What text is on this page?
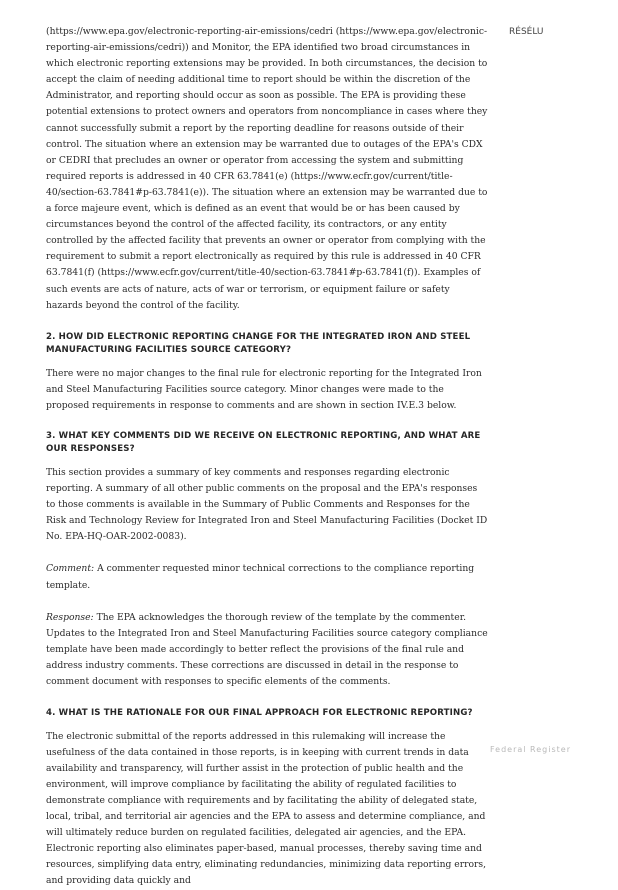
RÉSÉLU

(https://www.epa.gov/electronic-reporting-air-emissions/cedri (https://www.epa.gov/electronic-reporting-air-emissions/cedri)) and Monitor, the EPA identified two broad circumstances in which electronic reporting extensions may be provided. In both circumstances, the decision to accept the claim of needing additional time to report should be within the discretion of the Administrator, and reporting should occur as soon as possible. The EPA is providing these potential extensions to protect owners and operators from noncompliance in cases where they cannot successfully submit a report by the reporting deadline for reasons outside of their control. The situation where an extension may be warranted due to outages of the EPA's CDX or CEDRI that precludes an owner or operator from accessing the system and submitting required reports is addressed in 40 CFR 63.7841(e) (https://www.ecfr.gov/current/title-40/section-63.7841#p-63.7841(e)). The situation where an extension may be warranted due to a force majeure event, which is defined as an event that would be or has been caused by circumstances beyond the control of the affected facility, its contractors, or any entity controlled by the affected facility that prevents an owner or operator from complying with the requirement to submit a report electronically as required by this rule is addressed in 40 CFR 63.7841(f) (https://www.ecfr.gov/current/title-40/section-63.7841#p-63.7841(f)). Examples of such events are acts of nature, acts of war or terrorism, or equipment failure or safety hazards beyond the control of the facility.

2. HOW DID ELECTRONIC REPORTING CHANGE FOR THE INTEGRATED IRON AND STEEL MANUFACTURING FACILITIES SOURCE CATEGORY?

There were no major changes to the final rule for electronic reporting for the Integrated Iron and Steel Manufacturing Facilities source category. Minor changes were made to the proposed requirements in response to comments and are shown in section IV.E.3 below.

3. WHAT KEY COMMENTS DID WE RECEIVE ON ELECTRONIC REPORTING, AND WHAT ARE OUR RESPONSES?

This section provides a summary of key comments and responses regarding electronic reporting. A summary of all other public comments on the proposal and the EPA's responses to those comments is available in the Summary of Public Comments and Responses for the Risk and Technology Review for Integrated Iron and Steel Manufacturing Facilities (Docket ID No. EPA-HQ-OAR-2002-0083).

Comment: A commenter requested minor technical corrections to the compliance reporting template.

Response: The EPA acknowledges the thorough review of the template by the commenter. Updates to the Integrated Iron and Steel Manufacturing Facilities source category compliance template have been made accordingly to better reflect the provisions of the final rule and address industry comments. These corrections are discussed in detail in the response to comment document with responses to specific elements of the comments.

4. WHAT IS THE RATIONALE FOR OUR FINAL APPROACH FOR ELECTRONIC REPORTING?

The electronic submittal of the reports addressed in this rulemaking will increase the usefulness of the data contained in those reports, is in keeping with current trends in data availability and transparency, will further assist in the protection of public health and the environment, will improve compliance by facilitating the ability of regulated facilities to demonstrate compliance with requirements and by facilitating the ability of delegated state, local, tribal, and territorial air agencies and the EPA to assess and determine compliance, and will ultimately reduce burden on regulated facilities, delegated air agencies, and the EPA. Electronic reporting also eliminates paper-based, manual processes, thereby saving time and resources, simplifying data entry, eliminating redundancies, minimizing data reporting errors, and providing data quickly and

Federal Register
